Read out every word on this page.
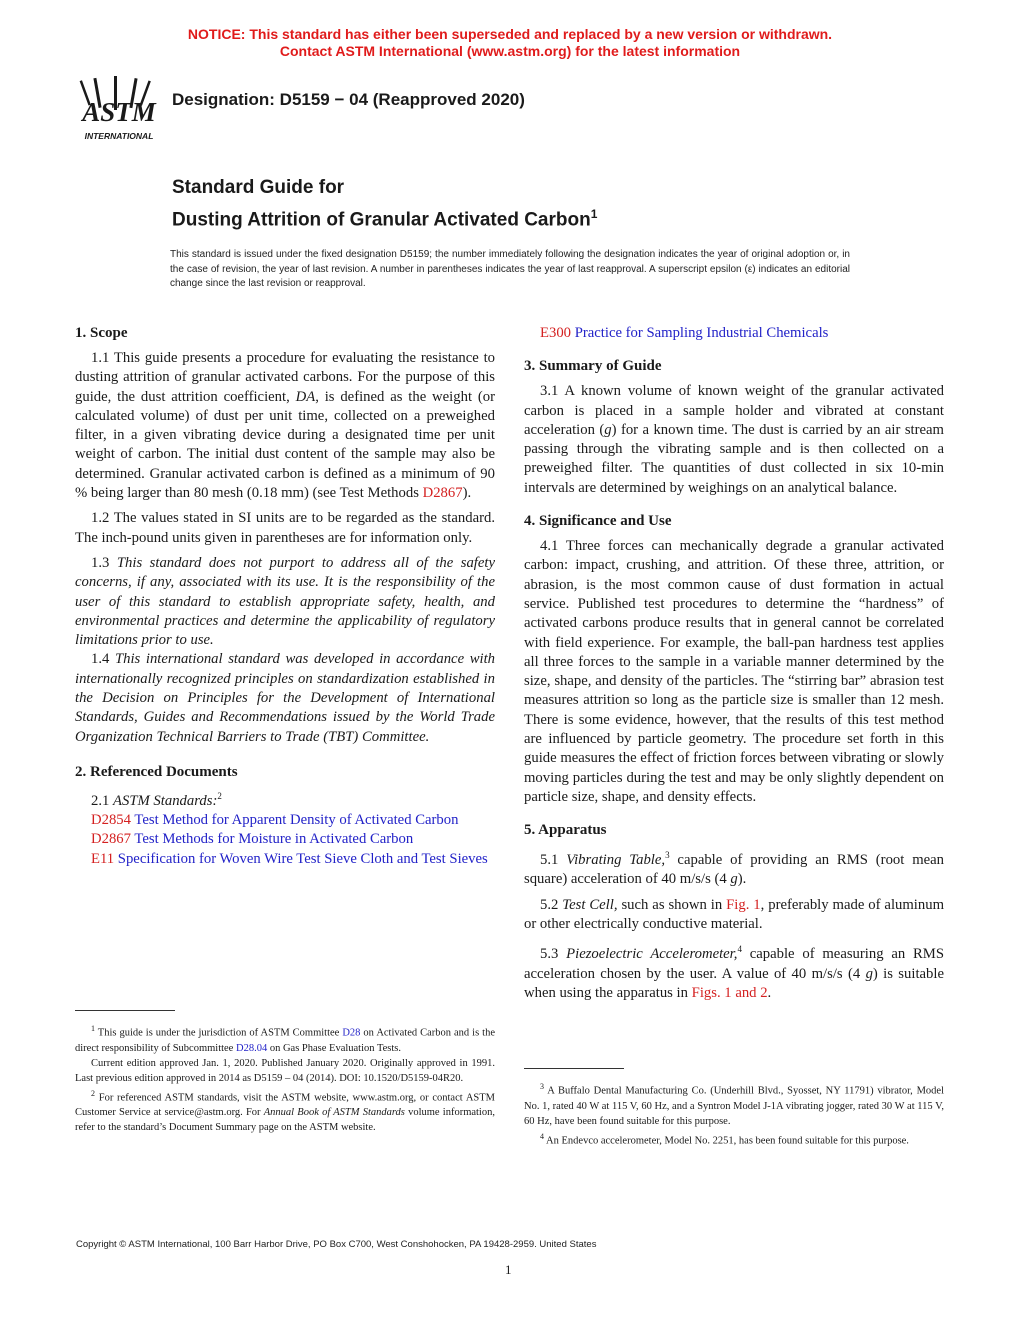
NOTICE: This standard has either been superseded and replaced by a new version or withdrawn.
Contact ASTM International (www.astm.org) for the latest information
ASTM
INTERNATIONAL
Designation: D5159 − 04 (Reapproved 2020)
Standard Guide for
Dusting Attrition of Granular Activated Carbon$^1$
This standard is issued under the fixed designation D5159; the number immediately following the designation indicates the year of original adoption or, in the case of revision, the year of last revision. A number in parentheses indicates the year of last reapproval. A superscript epsilon (ε) indicates an editorial change since the last revision or reapproval.
1. Scope

1.1 This guide presents a procedure for evaluating the resistance to dusting attrition of granular activated carbons. For the purpose of this guide, the dust attrition coefficient, DA, is defined as the weight (or calculated volume) of dust per unit time, collected on a preweighed filter, in a given vibrating device during a designated time per unit weight of carbon. The initial dust content of the sample may also be determined. Granular activated carbon is defined as a minimum of 90 % being larger than 80 mesh (0.18 mm) (see Test Methods D2867).

1.2 The values stated in SI units are to be regarded as the standard. The inch-pound units given in parentheses are for information only.

1.3 This standard does not purport to address all of the safety concerns, if any, associated with its use. It is the responsibility of the user of this standard to establish appropriate safety, health, and environmental practices and determine the applicability of regulatory limitations prior to use.

1.4 This international standard was developed in accordance with internationally recognized principles on standardization established in the Decision on Principles for the Development of International Standards, Guides and Recommendations issued by the World Trade Organization Technical Barriers to Trade (TBT) Committee.

2. Referenced Documents

2.1 ASTM Standards:$^2$

D2854 Test Method for Apparent Density of Activated Carbon

D2867 Test Methods for Moisture in Activated Carbon

E11 Specification for Woven Wire Test Sieve Cloth and Test Sieves

$^1$ This guide is under the jurisdiction of ASTM Committee D28 on Activated Carbon and is the direct responsibility of Subcommittee D28.04 on Gas Phase Evaluation Tests.

Current edition approved Jan. 1, 2020. Published January 2020. Originally approved in 1991. Last previous edition approved in 2014 as D5159 – 04 (2014). DOI: 10.1520/D5159-04R20.

$^2$ For referenced ASTM standards, visit the ASTM website, www.astm.org, or contact ASTM Customer Service at service@astm.org. For Annual Book of ASTM Standards volume information, refer to the standard’s Document Summary page on the ASTM website.

E300 Practice for Sampling Industrial Chemicals

3. Summary of Guide

3.1 A known volume of known weight of the granular activated carbon is placed in a sample holder and vibrated at constant acceleration (g) for a known time. The dust is carried by an air stream passing through the vibrating sample and is then collected on a preweighed filter. The quantities of dust collected in six 10-min intervals are determined by weighings on an analytical balance.

4. Significance and Use

4.1 Three forces can mechanically degrade a granular activated carbon: impact, crushing, and attrition. Of these three, attrition, or abrasion, is the most common cause of dust formation in actual service. Published test procedures to determine the “hardness” of activated carbons produce results that in general cannot be correlated with field experience. For example, the ball-pan hardness test applies all three forces to the sample in a variable manner determined by the size, shape, and density of the particles. The “stirring bar” abrasion test measures attrition so long as the particle size is smaller than 12 mesh. There is some evidence, however, that the results of this test method are influenced by particle geometry. The procedure set forth in this guide measures the effect of friction forces between vibrating or slowly moving particles during the test and may be only slightly dependent on particle size, shape, and density effects.

5. Apparatus

5.1 Vibrating Table,$^3$ capable of providing an RMS (root mean square) acceleration of 40 m/s/s (4 g).

5.2 Test Cell, such as shown in Fig. 1, preferably made of aluminum or other electrically conductive material.

5.3 Piezoelectric Accelerometer,$^4$ capable of measuring an RMS acceleration chosen by the user. A value of 40 m/s/s (4 g) is suitable when using the apparatus in Figs. 1 and 2.

$^3$ A Buffalo Dental Manufacturing Co. (Underhill Blvd., Syosset, NY 11791) vibrator, Model No. 1, rated 40 W at 115 V, 60 Hz, and a Syntron Model J-1A vibrating jogger, rated 30 W at 115 V, 60 Hz, have been found suitable for this purpose.

$^4$ An Endevco accelerometer, Model No. 2251, has been found suitable for this purpose.

Copyright © ASTM International, 100 Barr Harbor Drive, PO Box C700, West Conshohocken, PA 19428-2959. United States
1
